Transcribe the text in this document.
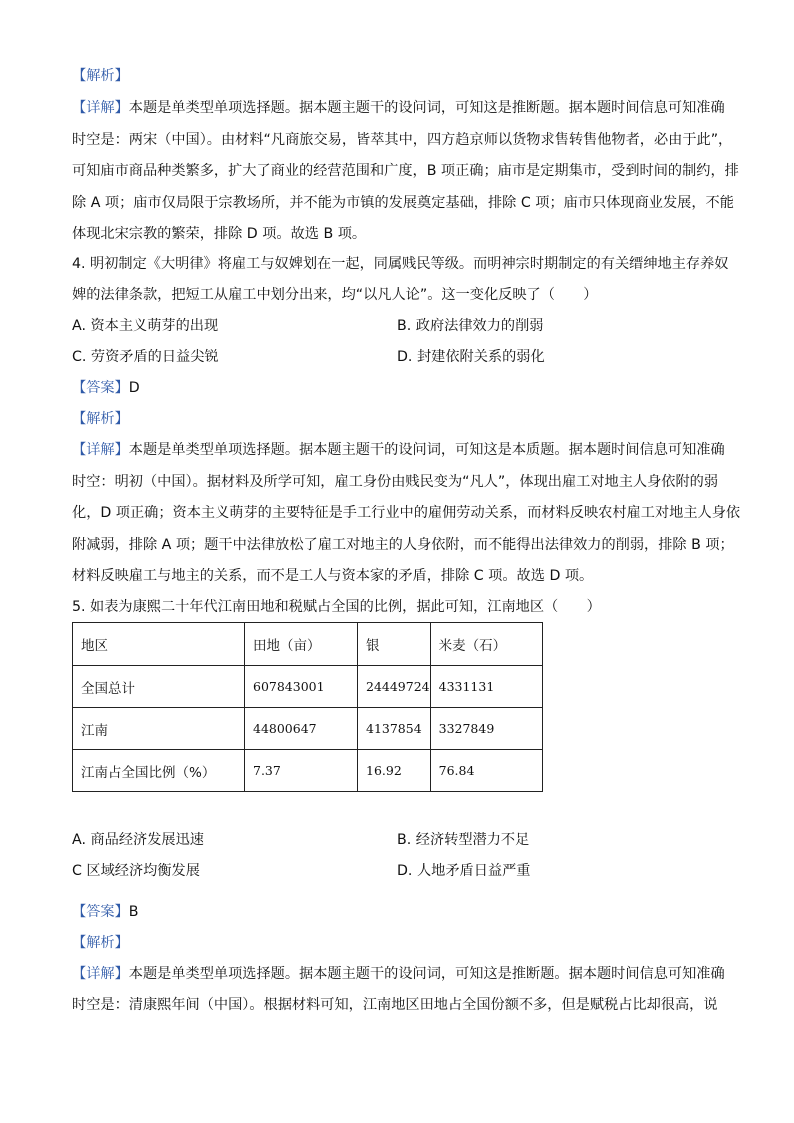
【解析】
【详解】本题是单类型单项选择题。据本题主题干的设问词，可知这是推断题。据本题时间信息可知准确
时空是：两宋（中国）。由材料“凡商旅交易，皆萃其中，四方趋京师以货物求售转售他物者，必由于此”，
可知庙市商品种类繁多，扩大了商业的经营范围和广度，B 项正确；庙市是定期集市，受到时间的制约，排
除 A 项；庙市仅局限于宗教场所，并不能为市镇的发展奠定基础，排除 C 项；庙市只体现商业发展，不能
体现北宋宗教的繁荣，排除 D 项。故选 B 项。
4. 明初制定《大明律》将雇工与奴婢划在一起，同属贱民等级。而明神宗时期制定的有关缙绅地主存养奴
婢的法律条款，把短工从雇工中划分出来，均“以凡人论”。这一变化反映了（　　）
A. 资本主义萌芽的出现	B. 政府法律效力的削弱
C. 劳资矛盾的日益尖锐	D. 封建依附关系的弱化
【答案】D
【解析】
【详解】本题是单类型单项选择题。据本题主题干的设问词，可知这是本质题。据本题时间信息可知准确
时空：明初（中国）。据材料及所学可知，雇工身份由贱民变为“凡人”，体现出雇工对地主人身依附的弱
化，D 项正确；资本主义萌芽的主要特征是手工行业中的雇佣劳动关系，而材料反映农村雇工对地主人身依
附减弱，排除 A 项；题干中法律放松了雇工对地主的人身依附，而不能得出法律效力的削弱，排除 B 项；
材料反映雇工与地主的关系，而不是工人与资本家的矛盾，排除 C 项。故选 D 项。
5. 如表为康熙二十年代江南田地和税赋占全国的比例，据此可知，江南地区（　　）
地区	田地（亩）	银	米麦（石）
全国总计	607843001	24449724	4331131
江南	44800647	4137854	3327849
江南占全国比例（%）	7.37	16.92	76.84
A. 商品经济发展迅速	B. 经济转型潜力不足
C 区域经济均衡发展	D. 人地矛盾日益严重
【答案】B
【解析】
【详解】本题是单类型单项选择题。据本题主题干的设问词，可知这是推断题。据本题时间信息可知准确
时空是：清康熙年间（中国）。根据材料可知，江南地区田地占全国份额不多，但是赋税占比却很高，说
